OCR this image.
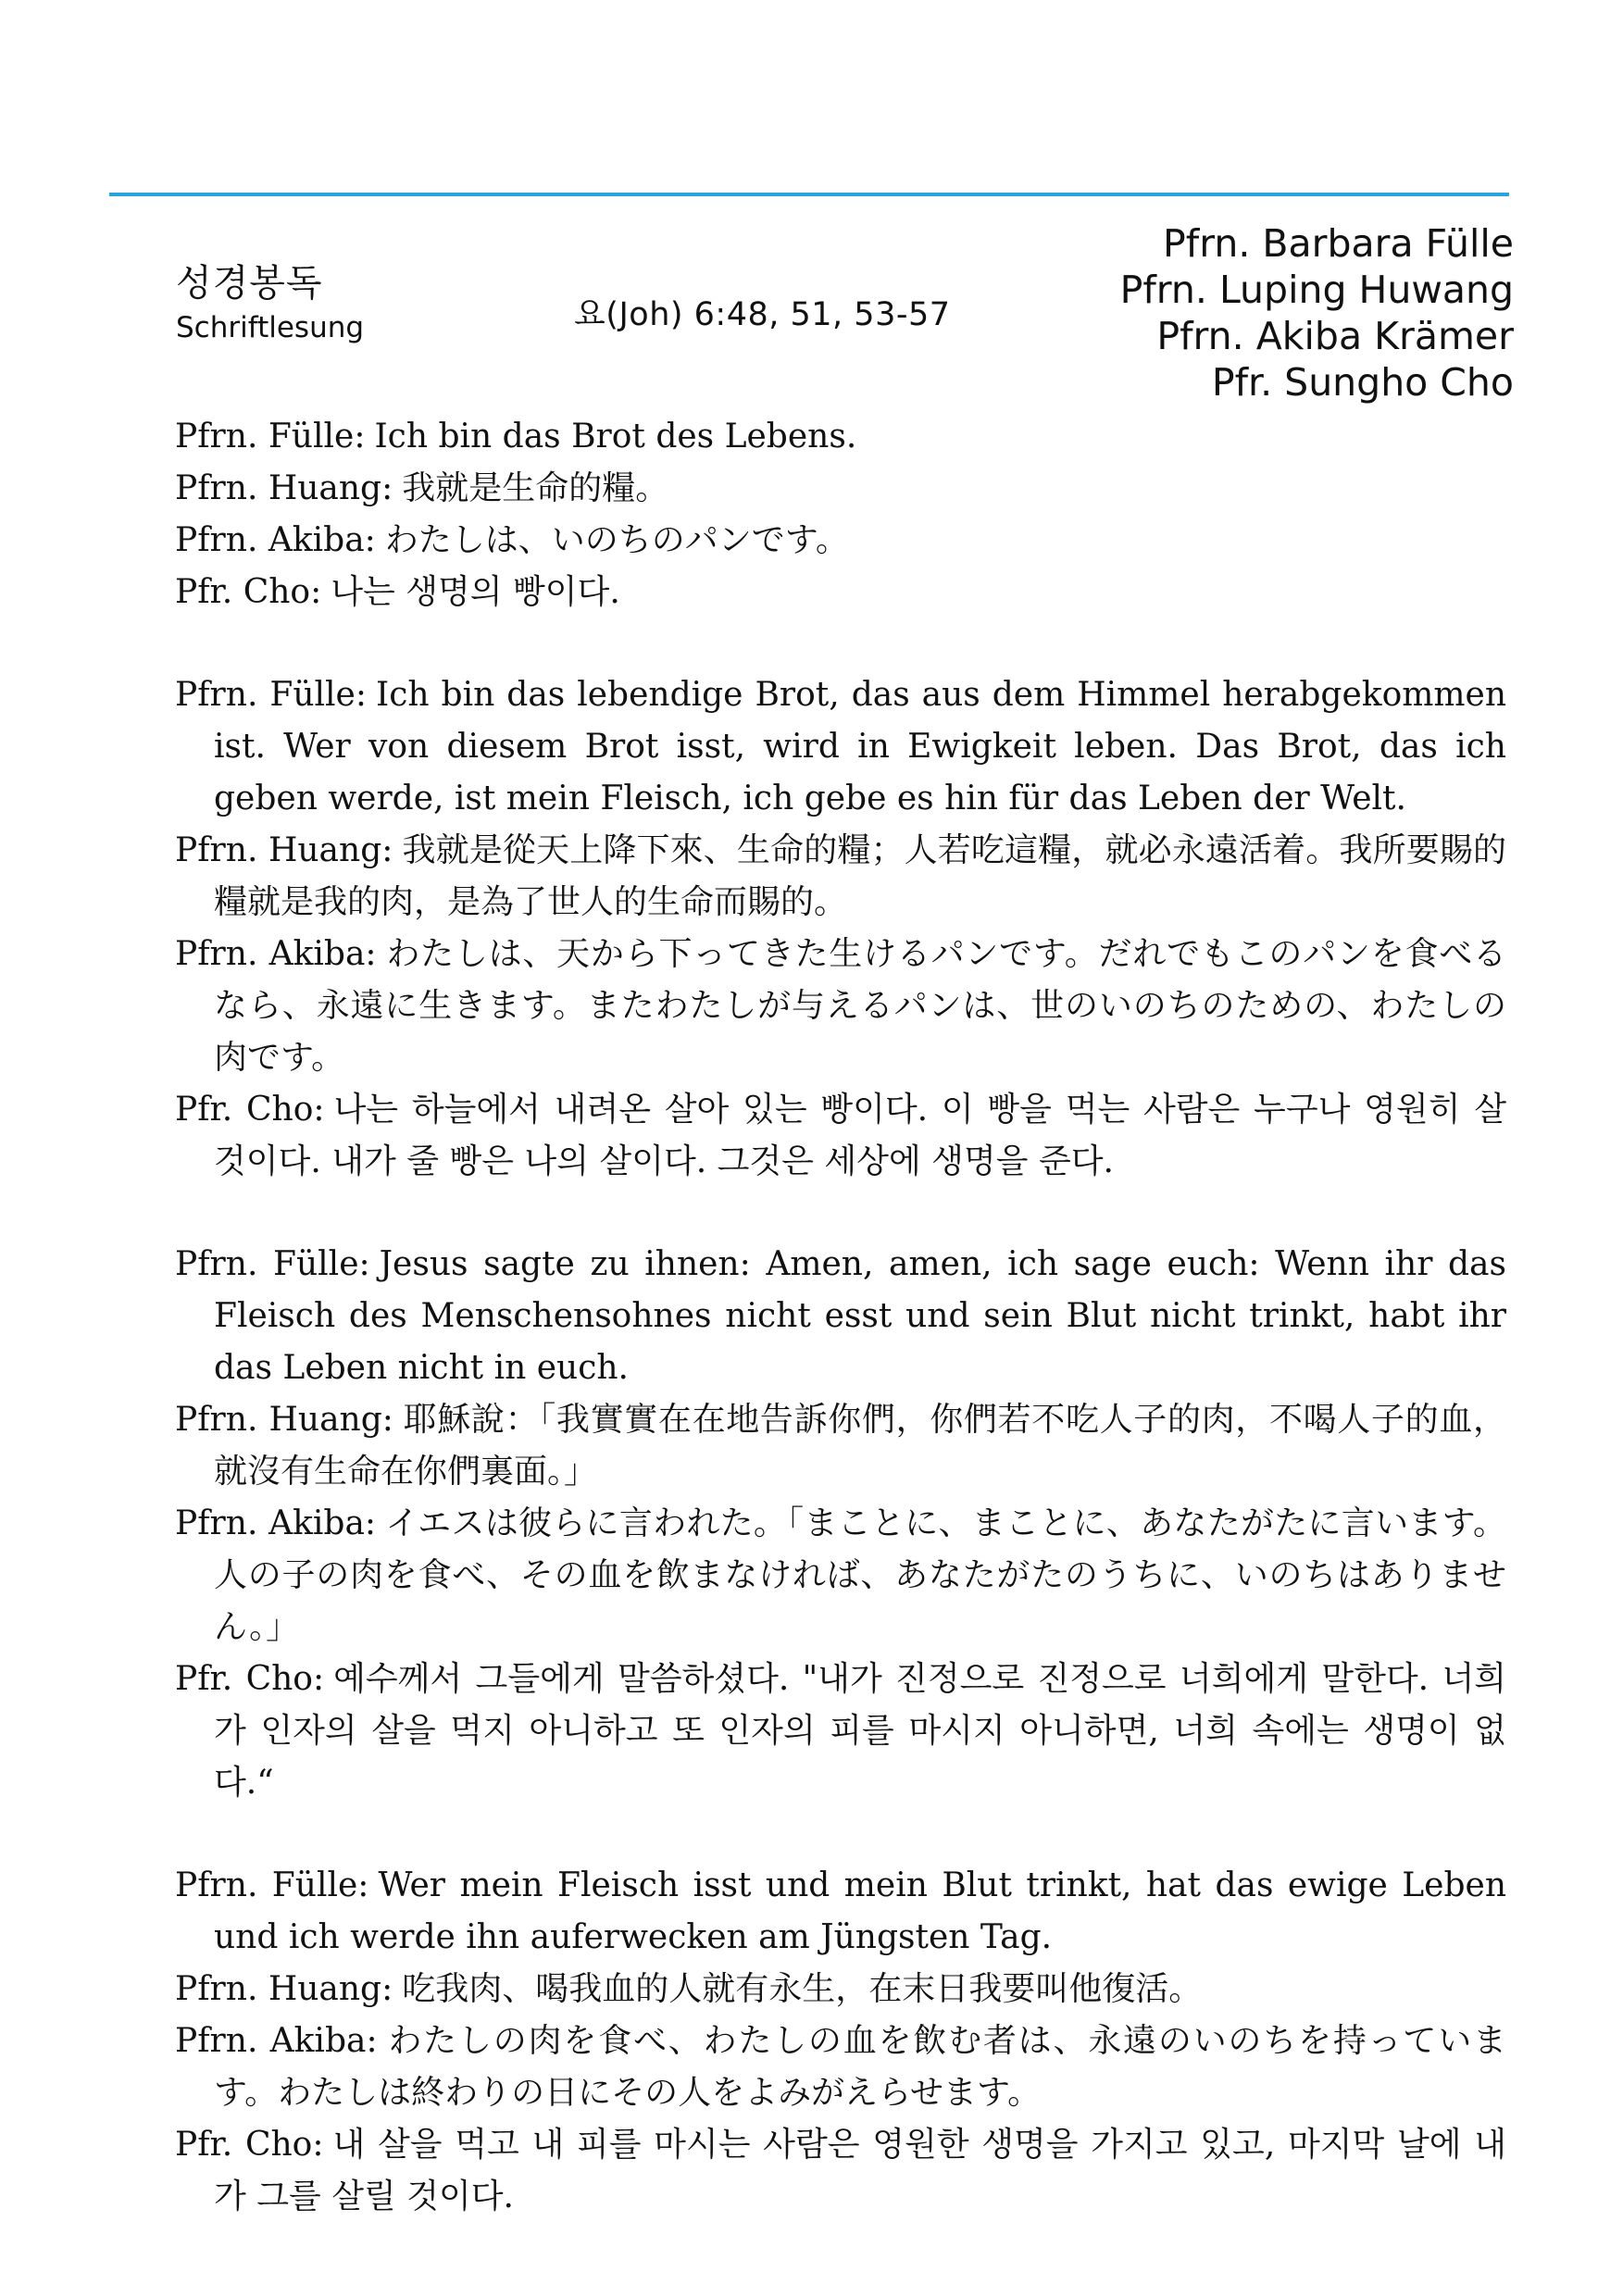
성경봉독
Schriftlesung	요(Joh) 6:48, 51, 53-57
Pfrn. Barbara Fülle
Pfrn. Luping Huwang
Pfrn. Akiba Krämer
Pfr. Sungho Cho

Pfrn. Fülle: Ich bin das Brot des Lebens.

Pfrn. Huang: 我就是生命的糧。

Pfrn. Akiba: わたしは、いのちのパンです。

Pfr. Cho: 나는 생명의 빵이다.

Pfrn. Fülle: Ich bin das lebendige Brot, das aus dem Himmel herabgekommen ist. Wer von diesem Brot isst, wird in Ewigkeit leben. Das Brot, das ich geben werde, ist mein Fleisch, ich gebe es hin für das Leben der Welt.

Pfrn. Huang: 我就是從天上降下來、生命的糧；人若吃這糧，就必永遠活着。我所要賜的糧就是我的肉，是為了世人的生命而賜的。

Pfrn. Akiba: わたしは、天から下ってきた生けるパンです。だれでもこのパンを食べるなら、永遠に生きます。またわたしが与えるパンは、世のいのちのための、わたしの肉です。

Pfr. Cho: 나는 하늘에서 내려온 살아 있는 빵이다. 이 빵을 먹는 사람은 누구나 영원히 살 것이다. 내가 줄 빵은 나의 살이다. 그것은 세상에 생명을 준다.

Pfrn. Fülle: Jesus sagte zu ihnen: Amen, amen, ich sage euch: Wenn ihr das Fleisch des Menschensohnes nicht esst und sein Blut nicht trinkt, habt ihr das Leben nicht in euch.

Pfrn. Huang: 耶穌說：「我實實在在地告訴你們，你們若不吃人子的肉，不喝人子的血，就沒有生命在你們裏面。」

Pfrn. Akiba: イエスは彼らに言われた。「まことに、まことに、あなたがたに言います。人の子の肉を食べ、その血を飲まなければ、あなたがたのうちに、いのちはありません。」

Pfr. Cho: 예수께서 그들에게 말씀하셨다. "내가 진정으로 진정으로 너희에게 말한다. 너희가 인자의 살을 먹지 아니하고 또 인자의 피를 마시지 아니하면, 너희 속에는 생명이 없다.“

Pfrn. Fülle: Wer mein Fleisch isst und mein Blut trinkt, hat das ewige Leben und ich werde ihn auferwecken am Jüngsten Tag.

Pfrn. Huang: 吃我肉、喝我血的人就有永生，在末日我要叫他復活。

Pfrn. Akiba: わたしの肉を食べ、わたしの血を飲む者は、永遠のいのちを持っています。わたしは終わりの日にその人をよみがえらせます。

Pfr. Cho: 내 살을 먹고 내 피를 마시는 사람은 영원한 생명을 가지고 있고, 마지막 날에 내가 그를 살릴 것이다.
